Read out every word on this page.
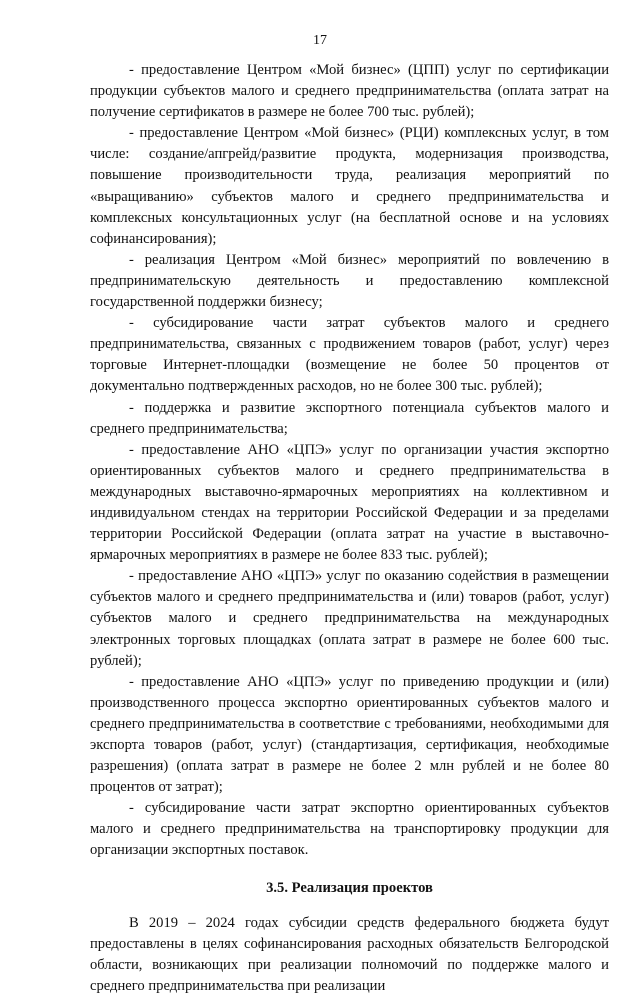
17

- предоставление Центром «Мой бизнес» (ЦПП) услуг по сертификации продукции субъектов малого и среднего предпринимательства (оплата затрат на получение сертификатов в размере не более 700 тыс. рублей);

- предоставление Центром «Мой бизнес» (РЦИ) комплексных услуг, в том числе: создание/апгрейд/развитие продукта, модернизация производства, повышение производительности труда, реализация мероприятий по «выращиванию» субъектов малого и среднего предпринимательства и комплексных консультационных услуг (на бесплатной основе и на условиях софинансирования);

- реализация Центром «Мой бизнес» мероприятий по вовлечению в предпринимательскую деятельность и предоставлению комплексной государственной поддержки бизнесу;

- субсидирование части затрат субъектов малого и среднего предпринимательства, связанных с продвижением товаров (работ, услуг) через торговые Интернет-площадки (возмещение не более 50 процентов от документально подтвержденных расходов, но не более 300 тыс. рублей);

- поддержка и развитие экспортного потенциала субъектов малого и среднего предпринимательства;

- предоставление АНО «ЦПЭ» услуг по организации участия экспортно ориентированных субъектов малого и среднего предпринимательства в международных выставочно-ярмарочных мероприятиях на коллективном и индивидуальном стендах на территории Российской Федерации и за пределами территории Российской Федерации (оплата затрат на участие в выставочно-ярмарочных мероприятиях в размере не более 833 тыс. рублей);

- предоставление АНО «ЦПЭ» услуг по оказанию содействия в размещении субъектов малого и среднего предпринимательства и (или) товаров (работ, услуг) субъектов малого и среднего предпринимательства на международных электронных торговых площадках (оплата затрат в размере не более 600 тыс. рублей);

- предоставление АНО «ЦПЭ» услуг по приведению продукции и (или) производственного процесса экспортно ориентированных субъектов малого и среднего предпринимательства в соответствие с требованиями, необходимыми для экспорта товаров (работ, услуг) (стандартизация, сертификация, необходимые разрешения) (оплата затрат в размере не более 2 млн рублей и не более 80 процентов от затрат);

- субсидирование части затрат экспортно ориентированных субъектов малого и среднего предпринимательства на транспортировку продукции для организации экспортных поставок.

3.5. Реализация проектов

В 2019 – 2024 годах субсидии средств федерального бюджета будут предоставлены в целях софинансирования расходных обязательств Белгородской области, возникающих при реализации полномочий по поддержке малого и среднего предпринимательства при реализации
